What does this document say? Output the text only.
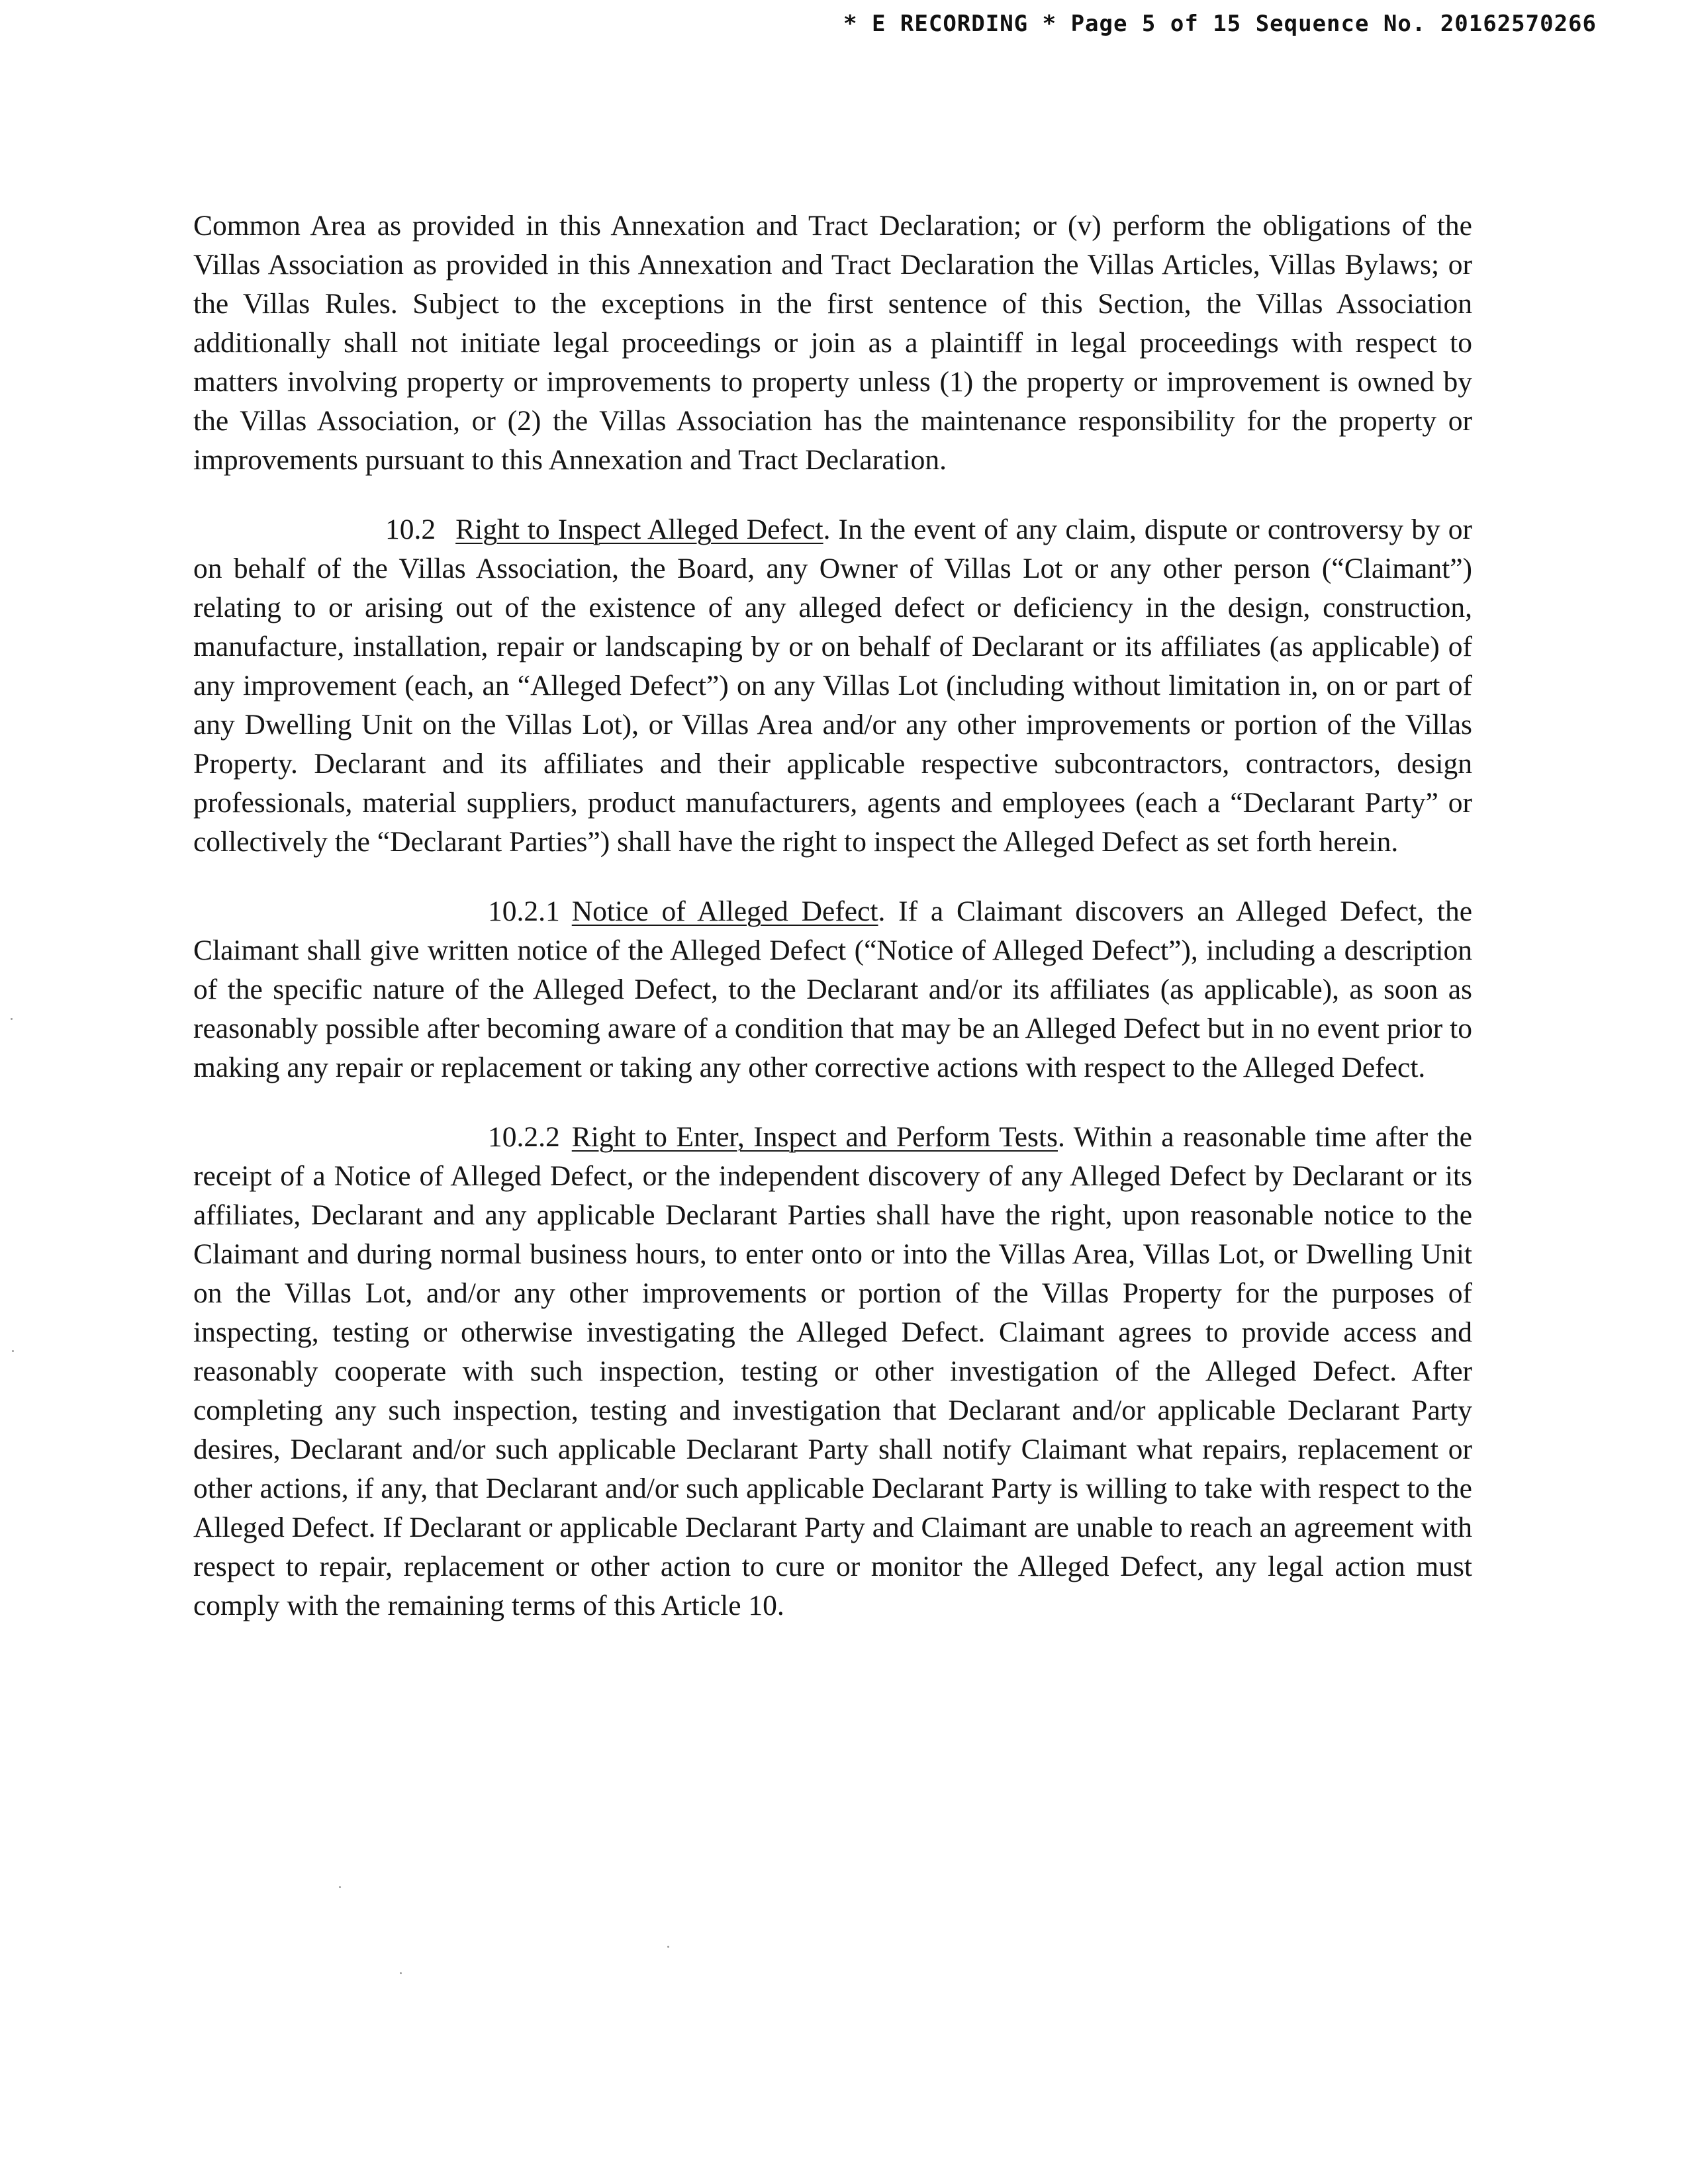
* E RECORDING * Page 5 of 15 Sequence No. 20162570266

Common Area as provided in this Annexation and Tract Declaration; or (v) perform the obligations of the Villas Association as provided in this Annexation and Tract Declaration the Villas Articles, Villas Bylaws; or the Villas Rules. Subject to the exceptions in the first sentence of this Section, the Villas Association additionally shall not initiate legal proceedings or join as a plaintiff in legal proceedings with respect to matters involving property or improvements to property unless (1) the property or improvement is owned by the Villas Association, or (2) the Villas Association has the maintenance responsibility for the property or improvements pursuant to this Annexation and Tract Declaration.

10.2 Right to Inspect Alleged Defect. In the event of any claim, dispute or controversy by or on behalf of the Villas Association, the Board, any Owner of Villas Lot or any other person (“Claimant”) relating to or arising out of the existence of any alleged defect or deficiency in the design, construction, manufacture, installation, repair or landscaping by or on behalf of Declarant or its affiliates (as applicable) of any improvement (each, an “Alleged Defect”) on any Villas Lot (including without limitation in, on or part of any Dwelling Unit on the Villas Lot), or Villas Area and/or any other improvements or portion of the Villas Property. Declarant and its affiliates and their applicable respective subcontractors, contractors, design professionals, material suppliers, product manufacturers, agents and employees (each a “Declarant Party” or collectively the “Declarant Parties”) shall have the right to inspect the Alleged Defect as set forth herein.

10.2.1 Notice of Alleged Defect. If a Claimant discovers an Alleged Defect, the Claimant shall give written notice of the Alleged Defect (“Notice of Alleged Defect”), including a description of the specific nature of the Alleged Defect, to the Declarant and/or its affiliates (as applicable), as soon as reasonably possible after becoming aware of a condition that may be an Alleged Defect but in no event prior to making any repair or replacement or taking any other corrective actions with respect to the Alleged Defect.

10.2.2 Right to Enter, Inspect and Perform Tests. Within a reasonable time after the receipt of a Notice of Alleged Defect, or the independent discovery of any Alleged Defect by Declarant or its affiliates, Declarant and any applicable Declarant Parties shall have the right, upon reasonable notice to the Claimant and during normal business hours, to enter onto or into the Villas Area, Villas Lot, or Dwelling Unit on the Villas Lot, and/or any other improvements or portion of the Villas Property for the purposes of inspecting, testing or otherwise investigating the Alleged Defect. Claimant agrees to provide access and reasonably cooperate with such inspection, testing or other investigation of the Alleged Defect. After completing any such inspection, testing and investigation that Declarant and/or applicable Declarant Party desires, Declarant and/or such applicable Declarant Party shall notify Claimant what repairs, replacement or other actions, if any, that Declarant and/or such applicable Declarant Party is willing to take with respect to the Alleged Defect. If Declarant or applicable Declarant Party and Claimant are unable to reach an agreement with respect to repair, replacement or other action to cure or monitor the Alleged Defect, any legal action must comply with the remaining terms of this Article 10.
